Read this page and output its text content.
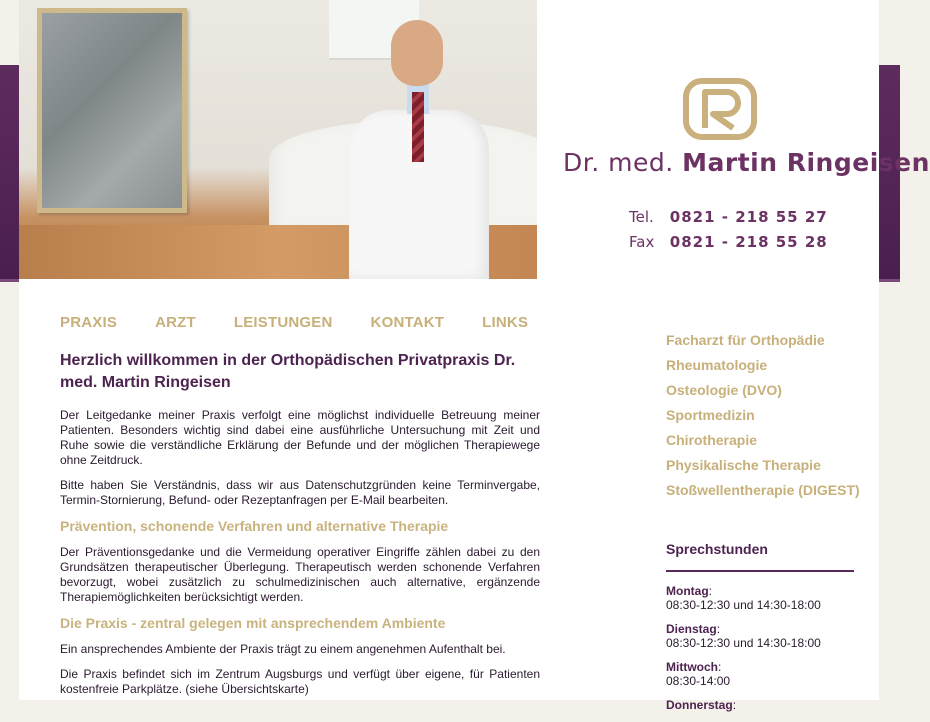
Dr. med. Martin Ringeisen
Tel. 0821 - 218 55 27
Fax 0821 - 218 55 28
PRAXIS	ARZT	LEISTUNGEN	KONTAKT	LINKS
Herzlich willkommen in der Orthopädischen Privatpraxis Dr. med. Martin Ringeisen

Der Leitgedanke meiner Praxis verfolgt eine möglichst individuelle Betreuung meiner Patienten. Besonders wichtig sind dabei eine ausführliche Untersuchung mit Zeit und Ruhe sowie die verständliche Erklärung der Befunde und der möglichen Therapiewege ohne Zeitdruck.

Bitte haben Sie Verständnis, dass wir aus Datenschutzgründen keine Terminvergabe, Termin-Stornierung, Befund- oder Rezeptanfragen per E-Mail bearbeiten.

Prävention, schonende Verfahren und alternative Therapie

Der Präventionsgedanke und die Vermeidung operativer Eingriffe zählen dabei zu den Grundsätzen therapeutischer Überlegung. Therapeutisch werden schonende Verfahren bevorzugt, wobei zusätzlich zu schulmedizinischen auch alternative, ergänzende Therapiemöglichkeiten berücksichtigt werden.

Die Praxis - zentral gelegen mit ansprechendem Ambiente

Ein ansprechendes Ambiente der Praxis trägt zu einem angenehmen Aufenthalt bei.

Die Praxis befindet sich im Zentrum Augsburgs und verfügt über eigene, für Patienten kostenfreie Parkplätze. (siehe Übersichtskarte)

Facharzt für Orthopädie
Rheumatologie
Osteologie (DVO)
Sportmedizin
Chirotherapie
Physikalische Therapie
Stoßwellentherapie (DIGEST)
Sprechstunden
Montag:
08:30-12:30 und 14:30-18:00
Dienstag:
08:30-12:30 und 14:30-18:00
Mittwoch:
08:30-14:00
Donnerstag:
